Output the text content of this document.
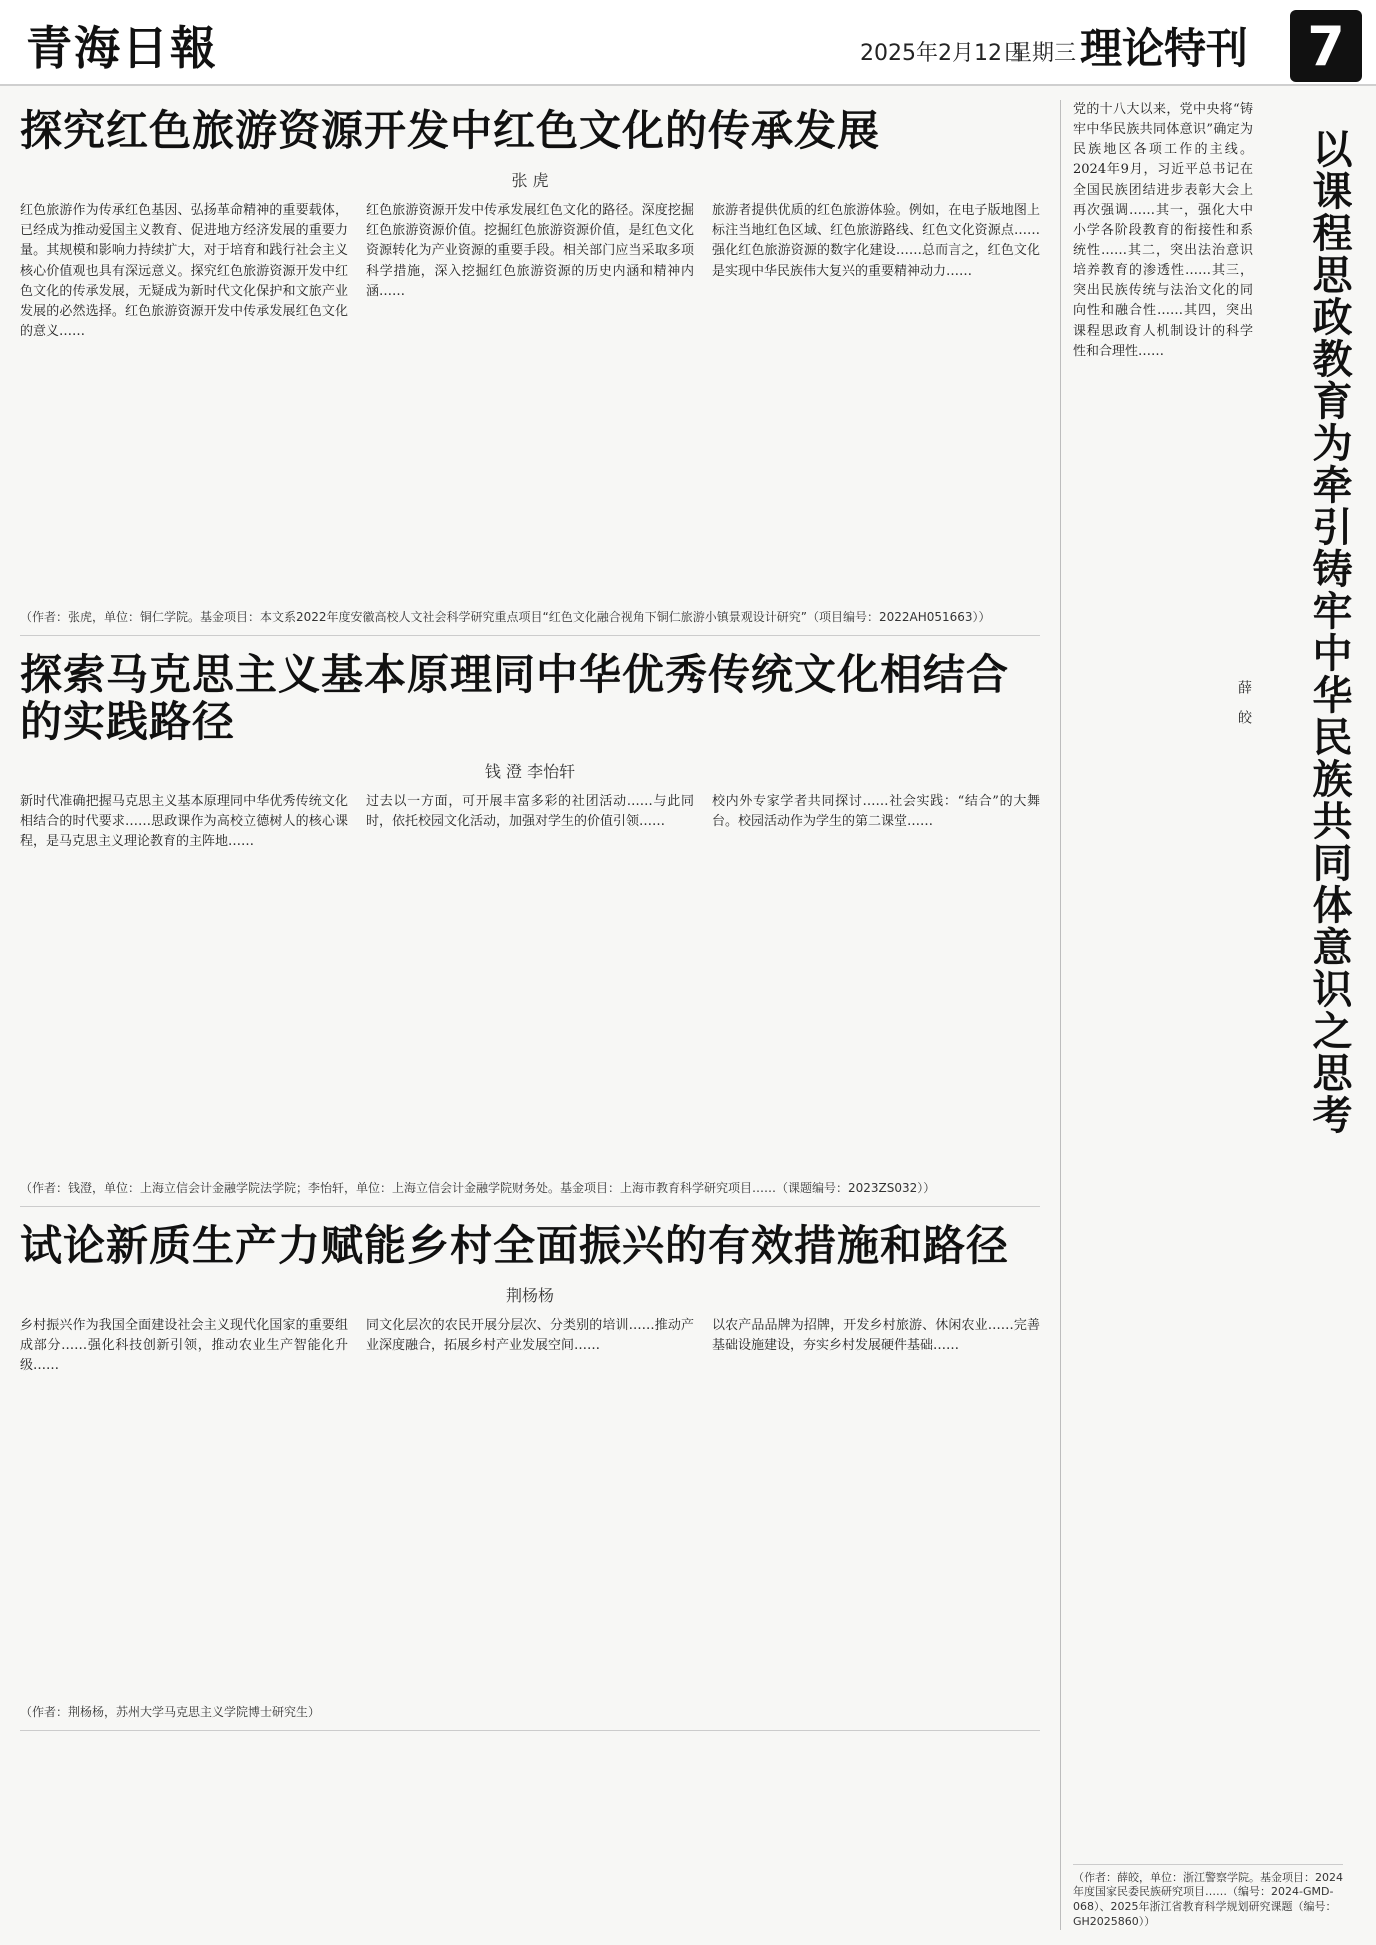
青海日報	2025年2月12日
星期三 理论特刊 7
探究红色旅游资源开发中红色文化的传承发展
张 虎
红色旅游作为传承红色基因、弘扬革命精神的重要载体，已经成为推动爱国主义教育、促进地方经济发展的重要力量。其规模和影响力持续扩大，对于培育和践行社会主义核心价值观也具有深远意义。探究红色旅游资源开发中红色文化的传承发展，无疑成为新时代文化保护和文旅产业发展的必然选择。红色旅游资源开发中传承发展红色文化的意义……
红色旅游资源开发中传承发展红色文化的路径。深度挖掘红色旅游资源价值。挖掘红色旅游资源价值，是红色文化资源转化为产业资源的重要手段。相关部门应当采取多项科学措施，深入挖掘红色旅游资源的历史内涵和精神内涵……
旅游者提供优质的红色旅游体验。例如，在电子版地图上标注当地红色区域、红色旅游路线、红色文化资源点……强化红色旅游资源的数字化建设……总而言之，红色文化是实现中华民族伟大复兴的重要精神动力……
（作者：张虎，单位：铜仁学院。基金项目：本文系2022年度安徽高校人文社会科学研究重点项目“红色文化融合视角下铜仁旅游小镇景观设计研究”（项目编号：2022AH051663））
探索马克思主义基本原理同中华优秀传统文化相结合的实践路径
钱 澄 李怡轩
新时代准确把握马克思主义基本原理同中华优秀传统文化相结合的时代要求……思政课作为高校立德树人的核心课程，是马克思主义理论教育的主阵地……
过去以一方面，可开展丰富多彩的社团活动……与此同时，依托校园文化活动，加强对学生的价值引领……
校内外专家学者共同探讨……社会实践：“结合”的大舞台。校园活动作为学生的第二课堂……
（作者：钱澄，单位：上海立信会计金融学院法学院；李怡轩，单位：上海立信会计金融学院财务处。基金项目：上海市教育科学研究项目……（课题编号：2023ZS032））
试论新质生产力赋能乡村全面振兴的有效措施和路径
荆杨杨
乡村振兴作为我国全面建设社会主义现代化国家的重要组成部分……强化科技创新引领，推动农业生产智能化升级……
同文化层次的农民开展分层次、分类别的培训……推动产业深度融合，拓展乡村产业发展空间……
以农产品品牌为招牌，开发乡村旅游、休闲农业……完善基础设施建设，夯实乡村发展硬件基础……
（作者：荆杨杨，苏州大学马克思主义学院博士研究生）
以课程思政教育为牵引铸牢中华民族共同体意识之思考
薛 皎
党的十八大以来，党中央将“铸牢中华民族共同体意识”确定为民族地区各项工作的主线。2024年9月，习近平总书记在全国民族团结进步表彰大会上再次强调……其一，强化大中小学各阶段教育的衔接性和系统性……其二，突出法治意识培养教育的渗透性……其三，突出民族传统与法治文化的同向性和融合性……其四，突出课程思政育人机制设计的科学性和合理性……
（作者：薛皎，单位：浙江警察学院。基金项目：2024年度国家民委民族研究项目……（编号：2024-GMD-068）、2025年浙江省教育科学规划研究课题（编号：GH2025860））
